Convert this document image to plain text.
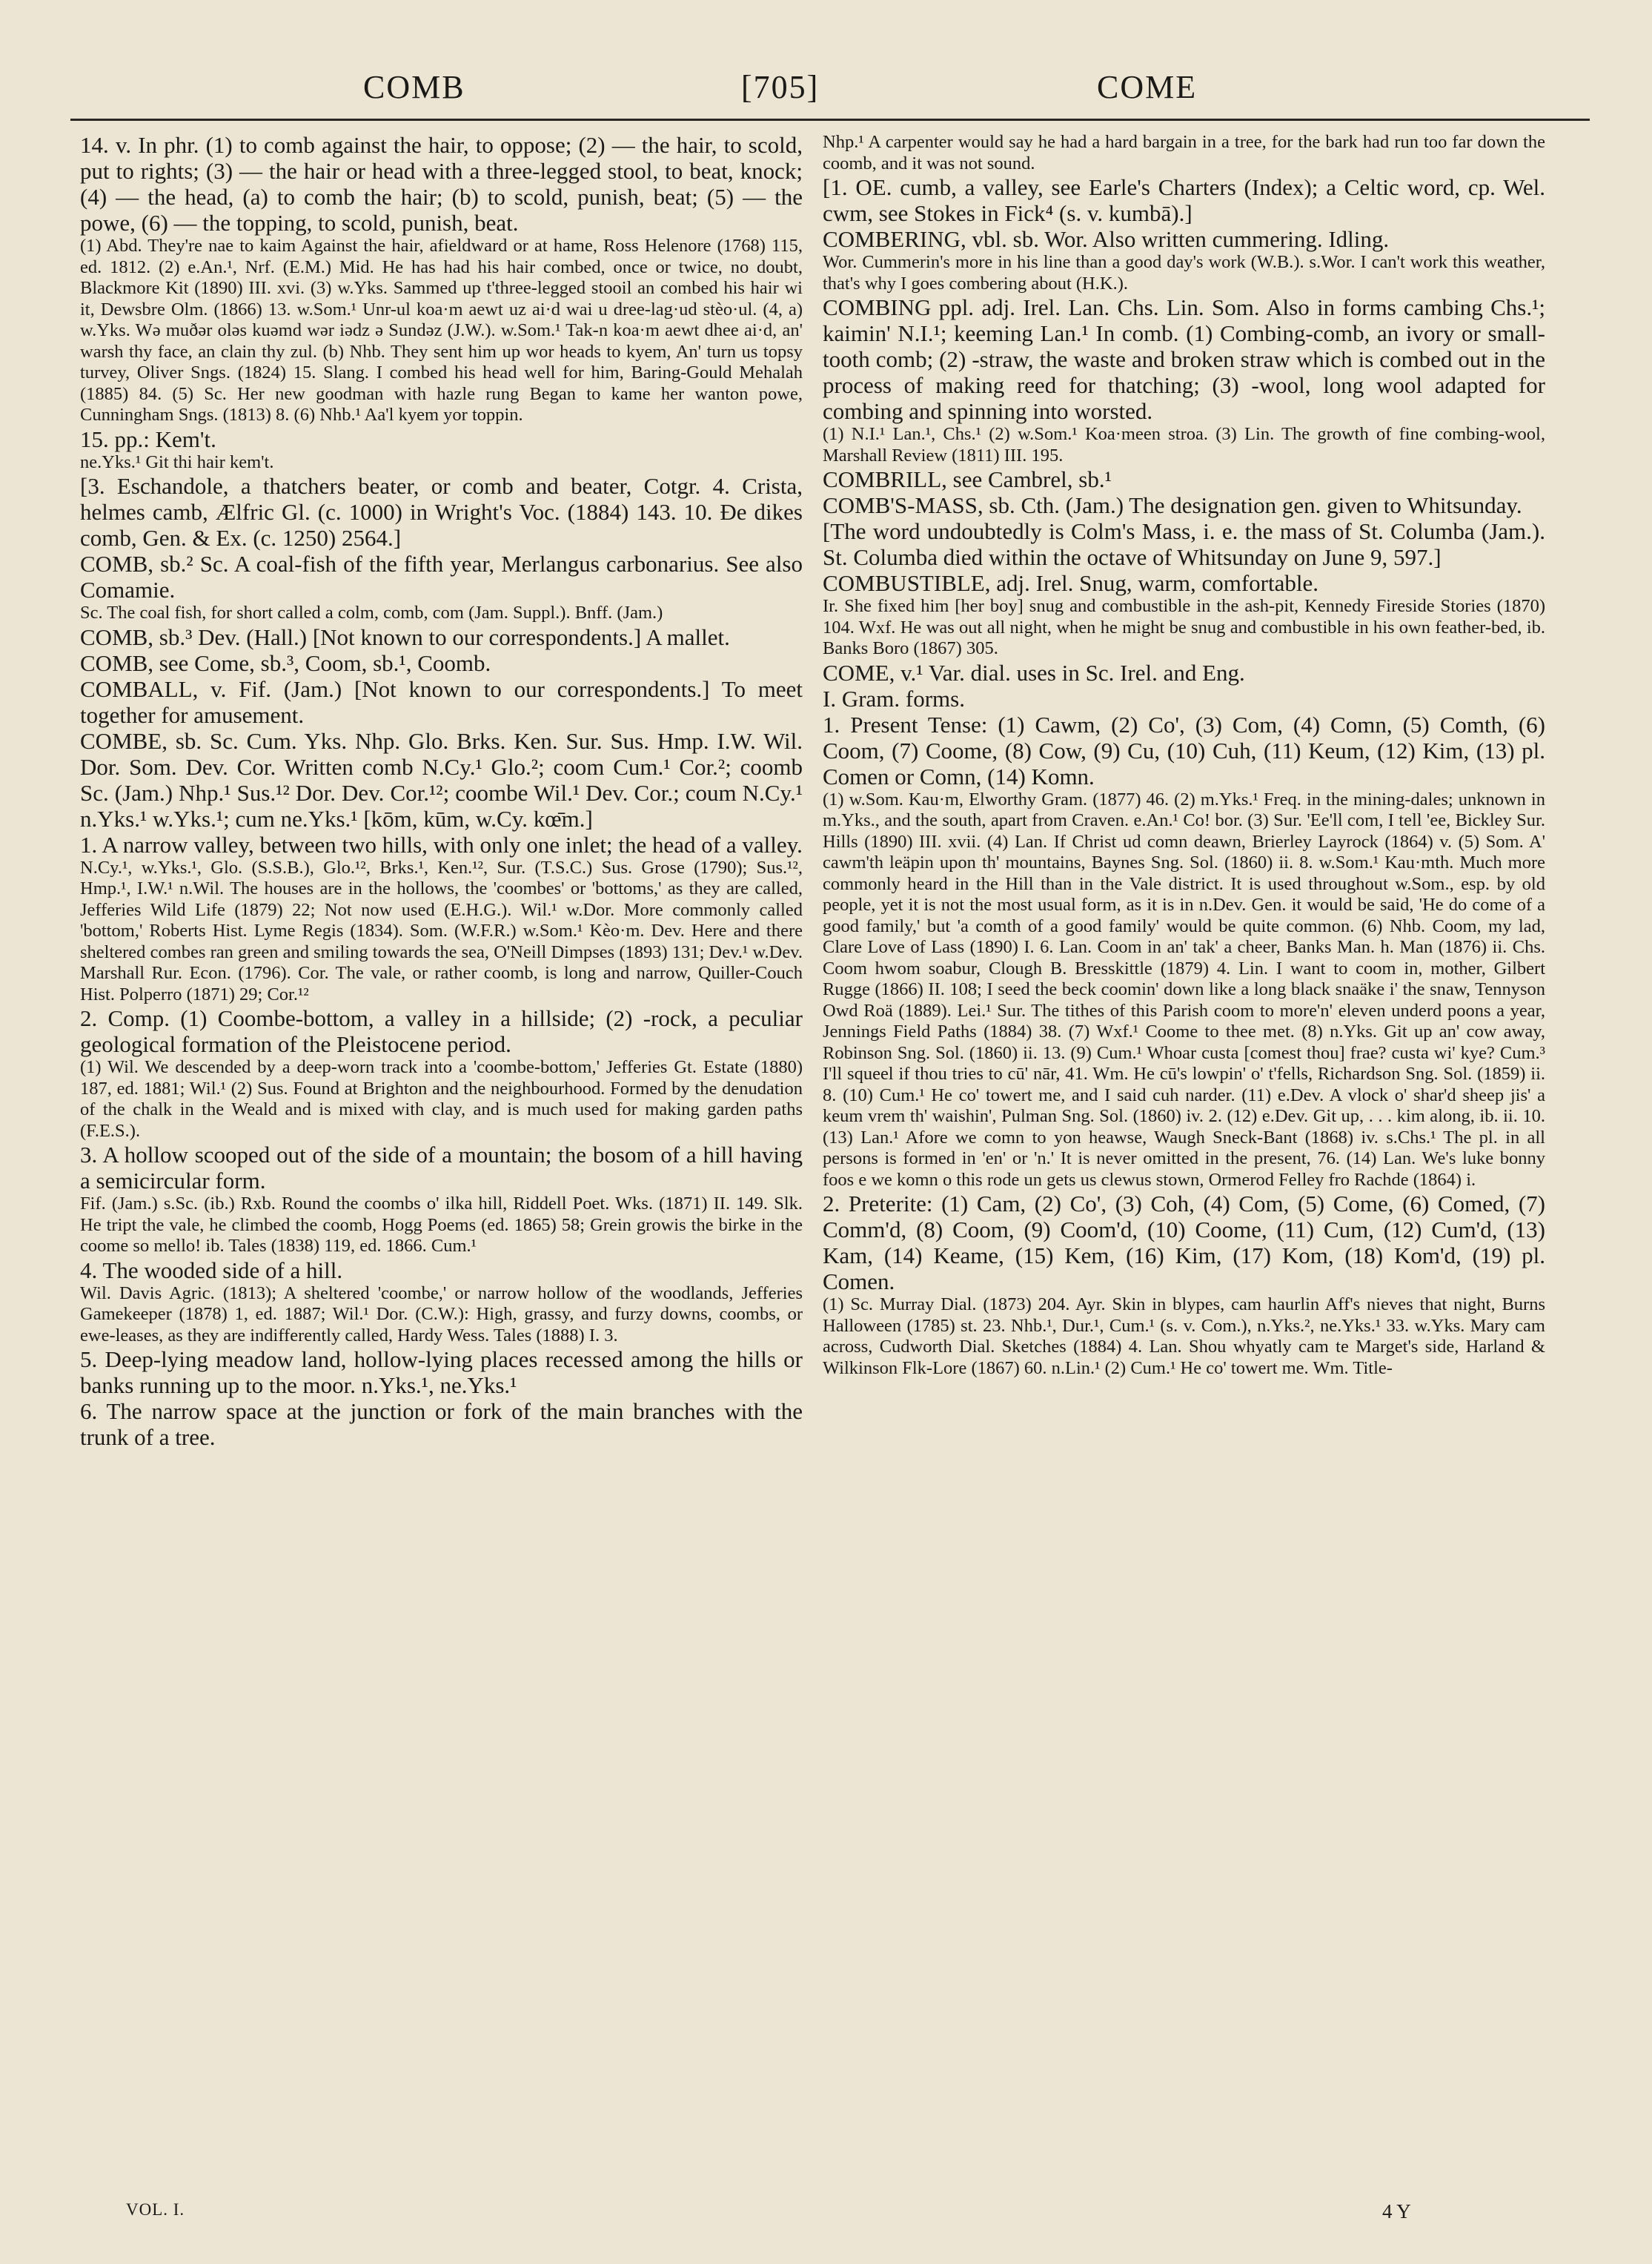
COMB	[705]	COME

14. v. In phr. (1) to comb against the hair, to oppose; (2) — the hair, to scold, put to rights; (3) — the hair or head with a three-legged stool, to beat, knock; (4) — the head, (a) to comb the hair; (b) to scold, punish, beat; (5) — the powe, (6) — the topping, to scold, punish, beat.

(1) Abd. They're nae to kaim Against the hair, afieldward or at hame, Ross Helenore (1768) 115, ed. 1812. (2) e.An.¹, Nrf. (E.M.) Mid. He has had his hair combed, once or twice, no doubt, Blackmore Kit (1890) III. xvi. (3) w.Yks. Sammed up t'three-legged stooil an combed his hair wi it, Dewsbre Olm. (1866) 13. w.Som.¹ Unr-ul koa·m aewt uz ai·d wai u dree-lag·ud stèo·ul. (4, a) w.Yks. Wə muðər oləs kuəmd wər iədz ə Sundəz (J.W.). w.Som.¹ Tak-n koa·m aewt dhee ai·d, an' warsh thy face, an clain thy zul. (b) Nhb. They sent him up wor heads to kyem, An' turn us topsy turvey, Oliver Sngs. (1824) 15. Slang. I combed his head well for him, Baring-Gould Mehalah (1885) 84. (5) Sc. Her new goodman with hazle rung Began to kame her wanton powe, Cunningham Sngs. (1813) 8. (6) Nhb.¹ Aa'l kyem yor toppin.

15. pp.: Kem't.

ne.Yks.¹ Git thi hair kem't.

[3. Eschandole, a thatchers beater, or comb and beater, Cotgr. 4. Crista, helmes camb, Ælfric Gl. (c. 1000) in Wright's Voc. (1884) 143. 10. Ðe dikes comb, Gen. & Ex. (c. 1250) 2564.]

COMB, sb.² Sc. A coal-fish of the fifth year, Merlangus carbonarius. See also Comamie.

Sc. The coal fish, for short called a colm, comb, com (Jam. Suppl.). Bnff. (Jam.)

COMB, sb.³ Dev. (Hall.) [Not known to our correspondents.] A mallet.

COMB, see Come, sb.³, Coom, sb.¹, Coomb.

COMBALL, v. Fif. (Jam.) [Not known to our correspondents.] To meet together for amusement.

COMBE, sb. Sc. Cum. Yks. Nhp. Glo. Brks. Ken. Sur. Sus. Hmp. I.W. Wil. Dor. Som. Dev. Cor. Written comb N.Cy.¹ Glo.²; coom Cum.¹ Cor.²; coomb Sc. (Jam.) Nhp.¹ Sus.¹² Dor. Dev. Cor.¹²; coombe Wil.¹ Dev. Cor.; coum N.Cy.¹ n.Yks.¹ w.Yks.¹; cum ne.Yks.¹ [kōm, kūm, w.Cy. kœ̄m.]

1. A narrow valley, between two hills, with only one inlet; the head of a valley.

N.Cy.¹, w.Yks.¹, Glo. (S.S.B.), Glo.¹², Brks.¹, Ken.¹², Sur. (T.S.C.) Sus. Grose (1790); Sus.¹², Hmp.¹, I.W.¹ n.Wil. The houses are in the hollows, the 'coombes' or 'bottoms,' as they are called, Jefferies Wild Life (1879) 22; Not now used (E.H.G.). Wil.¹ w.Dor. More commonly called 'bottom,' Roberts Hist. Lyme Regis (1834). Som. (W.F.R.) w.Som.¹ Kèo·m. Dev. Here and there sheltered combes ran green and smiling towards the sea, O'Neill Dimpses (1893) 131; Dev.¹ w.Dev. Marshall Rur. Econ. (1796). Cor. The vale, or rather coomb, is long and narrow, Quiller-Couch Hist. Polperro (1871) 29; Cor.¹²

2. Comp. (1) Coombe-bottom, a valley in a hillside; (2) -rock, a peculiar geological formation of the Pleistocene period.

(1) Wil. We descended by a deep-worn track into a 'coombe-bottom,' Jefferies Gt. Estate (1880) 187, ed. 1881; Wil.¹ (2) Sus. Found at Brighton and the neighbourhood. Formed by the denudation of the chalk in the Weald and is mixed with clay, and is much used for making garden paths (F.E.S.).

3. A hollow scooped out of the side of a mountain; the bosom of a hill having a semicircular form.

Fif. (Jam.) s.Sc. (ib.) Rxb. Round the coombs o' ilka hill, Riddell Poet. Wks. (1871) II. 149. Slk. He tript the vale, he climbed the coomb, Hogg Poems (ed. 1865) 58; Grein growis the birke in the coome so mello! ib. Tales (1838) 119, ed. 1866. Cum.¹

4. The wooded side of a hill.

Wil. Davis Agric. (1813); A sheltered 'coombe,' or narrow hollow of the woodlands, Jefferies Gamekeeper (1878) 1, ed. 1887; Wil.¹ Dor. (C.W.): High, grassy, and furzy downs, coombs, or ewe-leases, as they are indifferently called, Hardy Wess. Tales (1888) I. 3.

5. Deep-lying meadow land, hollow-lying places recessed among the hills or banks running up to the moor. n.Yks.¹, ne.Yks.¹

6. The narrow space at the junction or fork of the main branches with the trunk of a tree.

Nhp.¹ A carpenter would say he had a hard bargain in a tree, for the bark had run too far down the coomb, and it was not sound.

[1. OE. cumb, a valley, see Earle's Charters (Index); a Celtic word, cp. Wel. cwm, see Stokes in Fick⁴ (s. v. kumbā).]

COMBERING, vbl. sb. Wor. Also written cummering. Idling.

Wor. Cummerin's more in his line than a good day's work (W.B.). s.Wor. I can't work this weather, that's why I goes combering about (H.K.).

COMBING ppl. adj. Irel. Lan. Chs. Lin. Som. Also in forms cambing Chs.¹; kaimin' N.I.¹; keeming Lan.¹ In comb. (1) Combing-comb, an ivory or small-tooth comb; (2) -straw, the waste and broken straw which is combed out in the process of making reed for thatching; (3) -wool, long wool adapted for combing and spinning into worsted.

(1) N.I.¹ Lan.¹, Chs.¹ (2) w.Som.¹ Koa·meen stroa. (3) Lin. The growth of fine combing-wool, Marshall Review (1811) III. 195.

COMBRILL, see Cambrel, sb.¹

COMB'S-MASS, sb. Cth. (Jam.) The designation gen. given to Whitsunday.

[The word undoubtedly is Colm's Mass, i. e. the mass of St. Columba (Jam.). St. Columba died within the octave of Whitsunday on June 9, 597.]

COMBUSTIBLE, adj. Irel. Snug, warm, comfortable.

Ir. She fixed him [her boy] snug and combustible in the ash-pit, Kennedy Fireside Stories (1870) 104. Wxf. He was out all night, when he might be snug and combustible in his own feather-bed, ib. Banks Boro (1867) 305.

COME, v.¹ Var. dial. uses in Sc. Irel. and Eng.

I. Gram. forms.

1. Present Tense: (1) Cawm, (2) Co', (3) Com, (4) Comn, (5) Comth, (6) Coom, (7) Coome, (8) Cow, (9) Cu, (10) Cuh, (11) Keum, (12) Kim, (13) pl. Comen or Comn, (14) Komn.

(1) w.Som. Kau·m, Elworthy Gram. (1877) 46. (2) m.Yks.¹ Freq. in the mining-dales; unknown in m.Yks., and the south, apart from Craven. e.An.¹ Co! bor. (3) Sur. 'Ee'll com, I tell 'ee, Bickley Sur. Hills (1890) III. xvii. (4) Lan. If Christ ud comn deawn, Brierley Layrock (1864) v. (5) Som. A' cawm'th leäpin upon th' mountains, Baynes Sng. Sol. (1860) ii. 8. w.Som.¹ Kau·mth. Much more commonly heard in the Hill than in the Vale district. It is used throughout w.Som., esp. by old people, yet it is not the most usual form, as it is in n.Dev. Gen. it would be said, 'He do come of a good family,' but 'a comth of a good family' would be quite common. (6) Nhb. Coom, my lad, Clare Love of Lass (1890) I. 6. Lan. Coom in an' tak' a cheer, Banks Man. h. Man (1876) ii. Chs. Coom hwom soabur, Clough B. Bresskittle (1879) 4. Lin. I want to coom in, mother, Gilbert Rugge (1866) II. 108; I seed the beck coomin' down like a long black snaäke i' the snaw, Tennyson Owd Roä (1889). Lei.¹ Sur. The tithes of this Parish coom to more'n' eleven underd poons a year, Jennings Field Paths (1884) 38. (7) Wxf.¹ Coome to thee met. (8) n.Yks. Git up an' cow away, Robinson Sng. Sol. (1860) ii. 13. (9) Cum.¹ Whoar custa [comest thou] frae? custa wi' kye? Cum.³ I'll squeel if thou tries to cū' nār, 41. Wm. He cū's lowpin' o' t'fells, Richardson Sng. Sol. (1859) ii. 8. (10) Cum.¹ He co' towert me, and I said cuh narder. (11) e.Dev. A vlock o' shar'd sheep jis' a keum vrem th' waishin', Pulman Sng. Sol. (1860) iv. 2. (12) e.Dev. Git up, . . . kim along, ib. ii. 10. (13) Lan.¹ Afore we comn to yon heawse, Waugh Sneck-Bant (1868) iv. s.Chs.¹ The pl. in all persons is formed in 'en' or 'n.' It is never omitted in the present, 76. (14) Lan. We's luke bonny foos e we komn o this rode un gets us clewus stown, Ormerod Felley fro Rachde (1864) i.

2. Preterite: (1) Cam, (2) Co', (3) Coh, (4) Com, (5) Come, (6) Comed, (7) Comm'd, (8) Coom, (9) Coom'd, (10) Coome, (11) Cum, (12) Cum'd, (13) Kam, (14) Keame, (15) Kem, (16) Kim, (17) Kom, (18) Kom'd, (19) pl. Comen.

(1) Sc. Murray Dial. (1873) 204. Ayr. Skin in blypes, cam haurlin Aff's nieves that night, Burns Halloween (1785) st. 23. Nhb.¹, Dur.¹, Cum.¹ (s. v. Com.), n.Yks.², ne.Yks.¹ 33. w.Yks. Mary cam across, Cudworth Dial. Sketches (1884) 4. Lan. Shou whyatly cam te Marget's side, Harland & Wilkinson Flk-Lore (1867) 60. n.Lin.¹ (2) Cum.¹ He co' towert me. Wm. Title-

VOL. I.	4 Y
